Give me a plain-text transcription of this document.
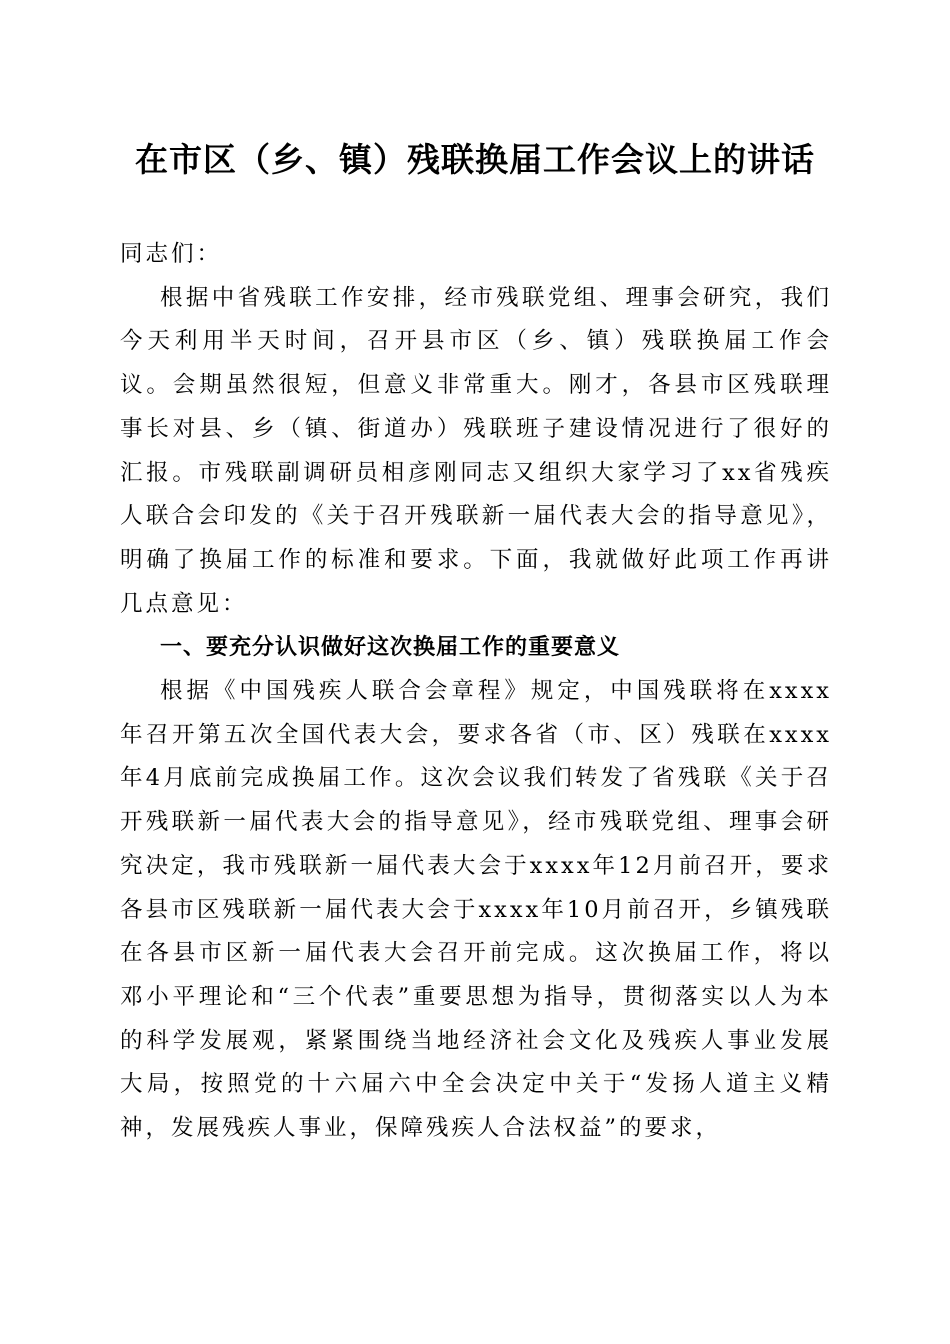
在市区（乡、镇）残联换届工作会议上的讲话

同志们：

根据中省残联工作安排，经市残联党组、理事会研究，我们今天利用半天时间，召开县市区（乡、镇）残联换届工作会议。会期虽然很短，但意义非常重大。刚才，各县市区残联理事长对县、乡（镇、街道办）残联班子建设情况进行了很好的汇报。市残联副调研员相彦刚同志又组织大家学习了xx省残疾人联合会印发的《关于召开残联新一届代表大会的指导意见》，明确了换届工作的标准和要求。下面，我就做好此项工作再讲几点意见：

一、要充分认识做好这次换届工作的重要意义

根据《中国残疾人联合会章程》规定，中国残联将在xxxx年召开第五次全国代表大会，要求各省（市、区）残联在xxxx年4月底前完成换届工作。这次会议我们转发了省残联《关于召开残联新一届代表大会的指导意见》，经市残联党组、理事会研究决定，我市残联新一届代表大会于xxxx年12月前召开，要求各县市区残联新一届代表大会于xxxx年10月前召开，乡镇残联在各县市区新一届代表大会召开前完成。这次换届工作，将以邓小平理论和“三个代表”重要思想为指导，贯彻落实以人为本的科学发展观，紧紧围绕当地经济社会文化及残疾人事业发展大局，按照党的十六届六中全会决定中关于“发扬人道主义精神，发展残疾人事业，保障残疾人合法权益”的要求，
